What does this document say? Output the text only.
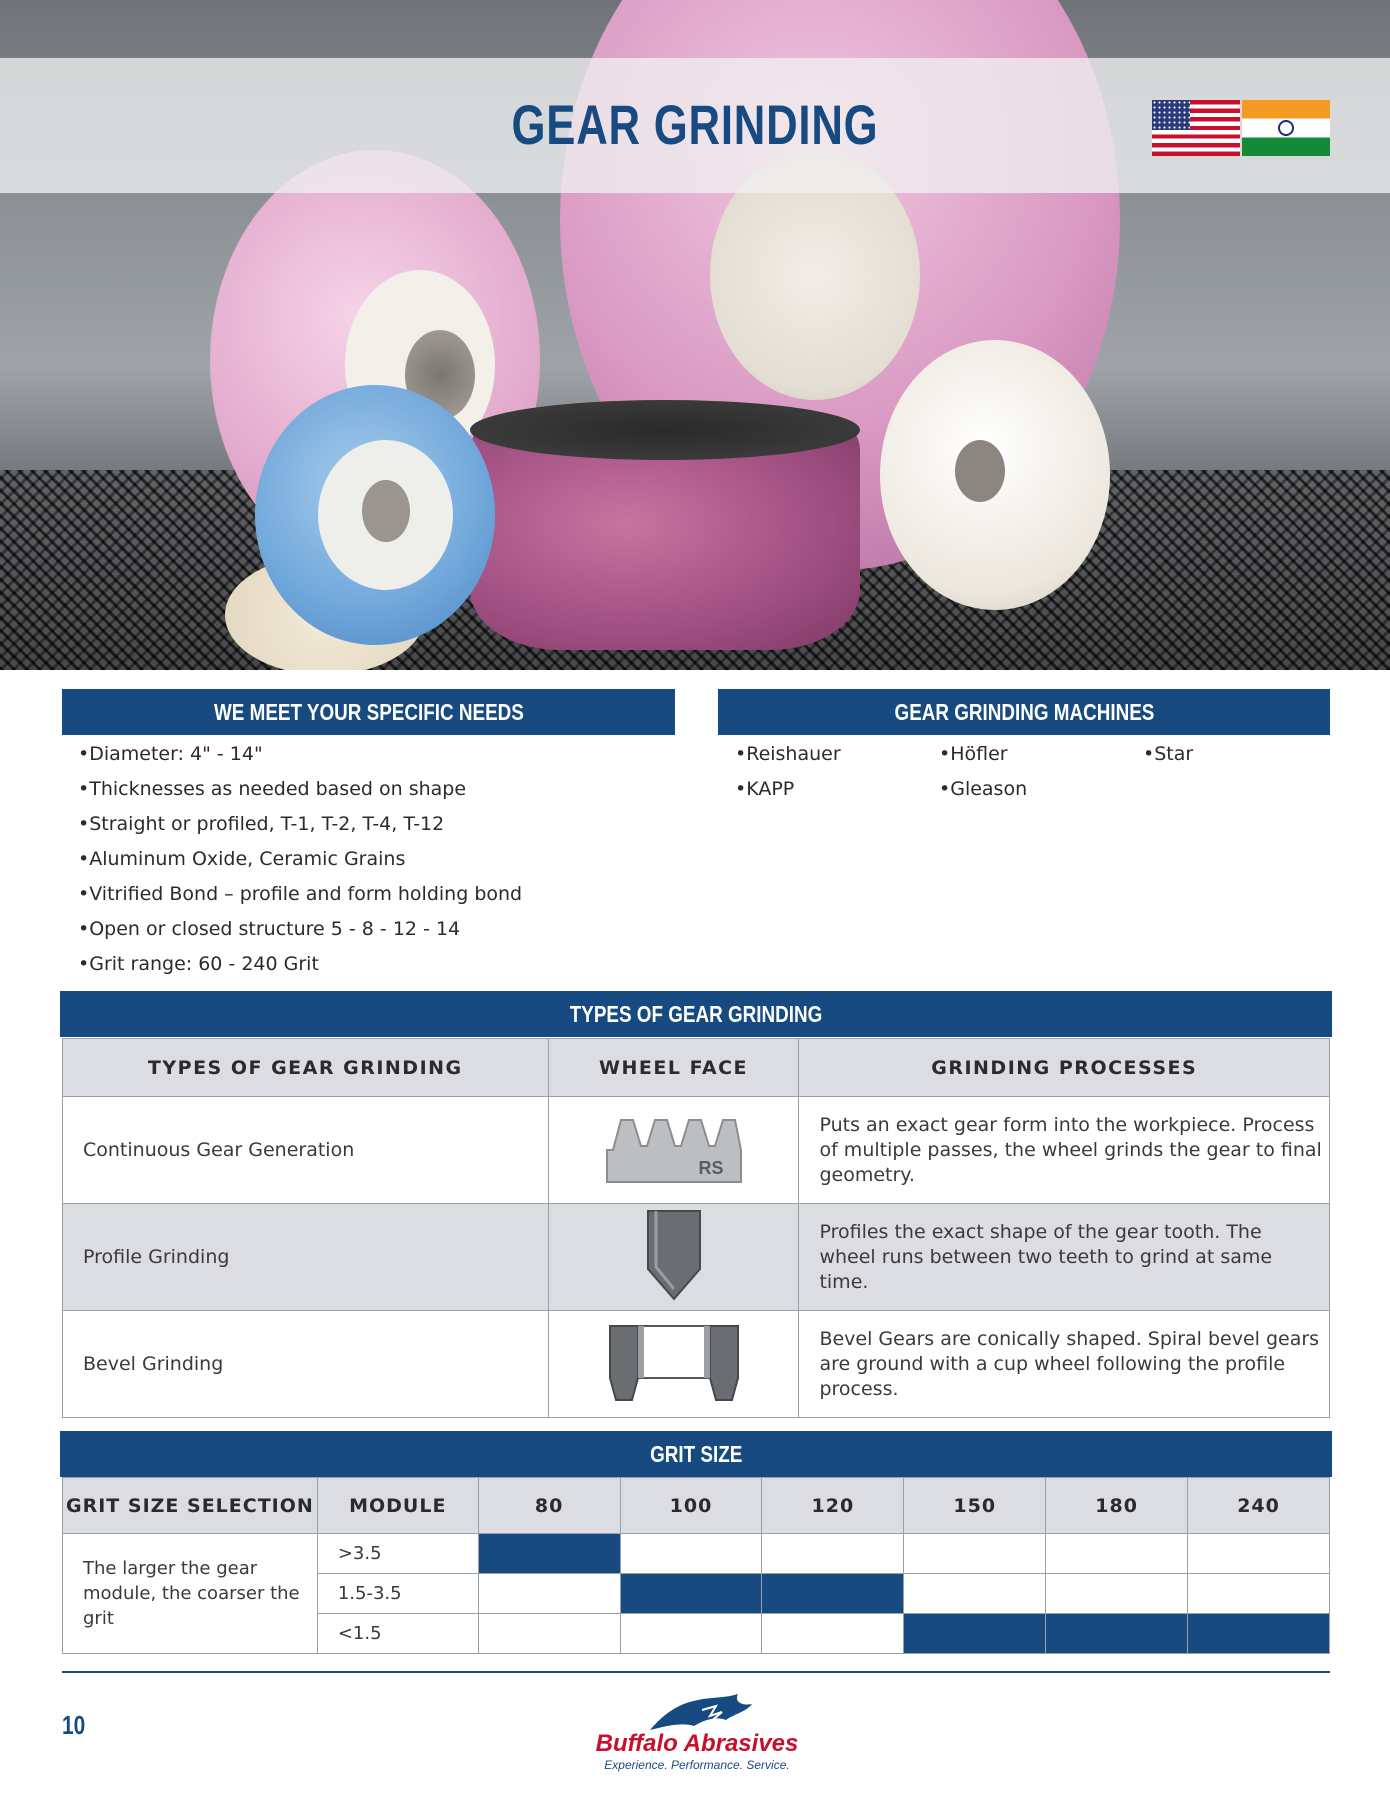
GEAR GRINDING
WE MEET YOUR SPECIFIC NEEDS
• Diameter: 4" - 14"
• Thicknesses as needed based on shape
• Straight or profiled, T-1, T-2, T-4, T-12
• Aluminum Oxide, Ceramic Grains
• Vitrified Bond – profile and form holding bond
• Open or closed structure 5 - 8 - 12 - 14
• Grit range: 60 - 240 Grit
GEAR GRINDING MACHINES
• Reishauer	• Höfler	• Star
• KAPP	• Gleason
TYPES OF GEAR GRINDING
TYPES OF GEAR GRINDING	WHEEL FACE	GRINDING PROCESSES
Continuous Gear Generation	RS	Puts an exact gear form into the workpiece. Process of multiple passes, the wheel grinds the gear to final geometry.
Profile Grinding		Profiles the exact shape of the gear tooth. The wheel runs between two teeth to grind at same time.
Bevel Grinding		Bevel Gears are conically shaped. Spiral bevel gears are ground with a cup wheel following the profile process.
GRIT SIZE
GRIT SIZE SELECTION	MODULE	80	100	120	150	180	240
The larger the gear module, the coarser the grit	>3.5						
	1.5-3.5						
	<1.5						
10
Buffalo Abrasives
Experience. Performance. Service.
